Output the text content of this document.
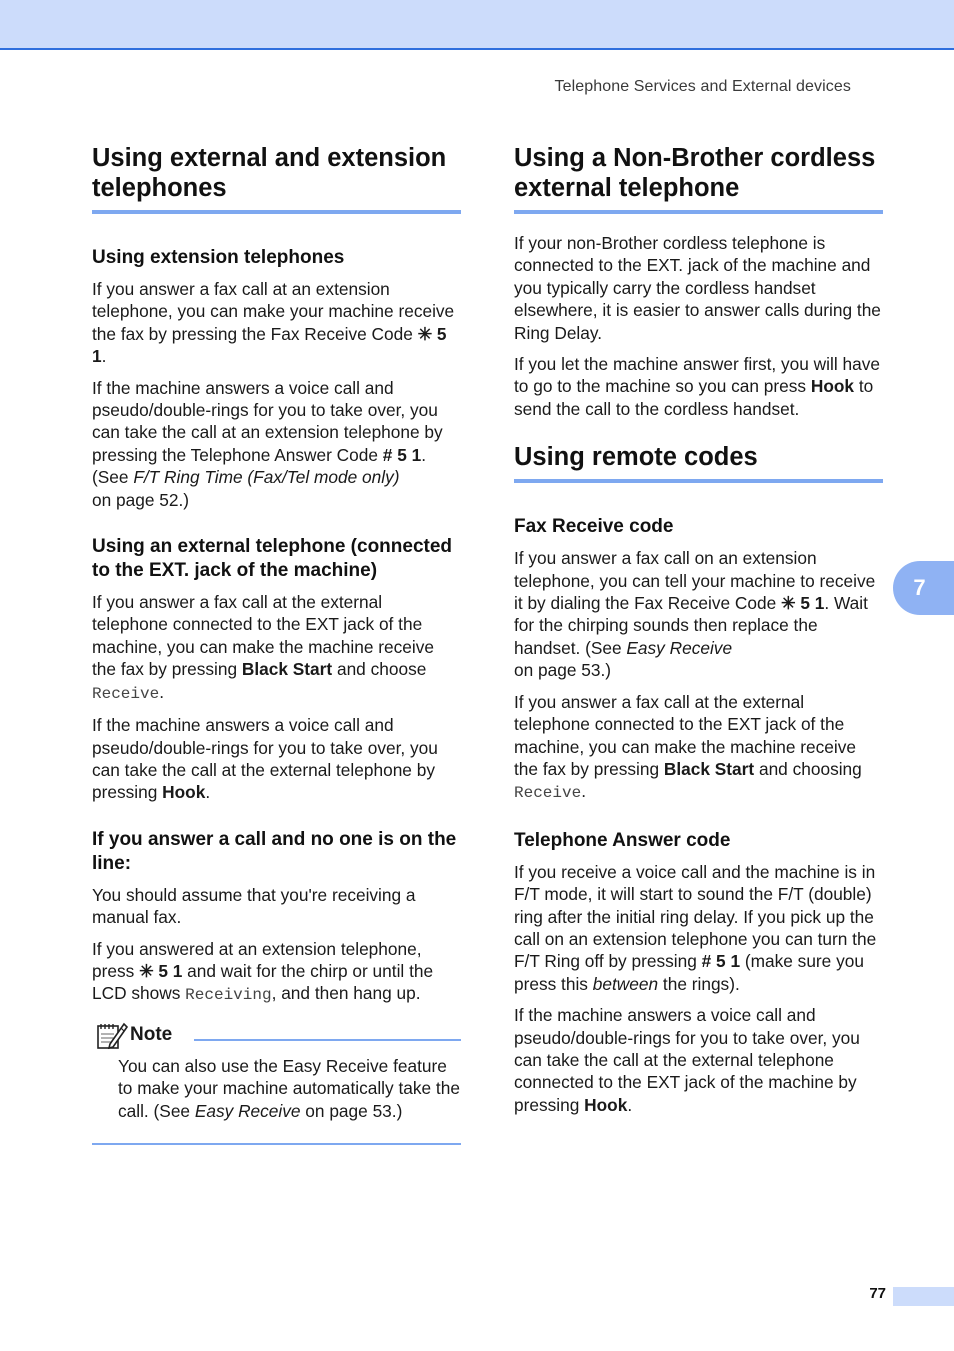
Telephone Services and External devices
Using external and extension telephones
Using extension telephones

If you answer a fax call at an extension telephone, you can make your machine receive the fax by pressing the Fax Receive Code ✳ 5 1.

If the machine answers a voice call and pseudo/double-rings for you to take over, you can take the call at an extension telephone by pressing the Telephone Answer Code # 5 1. (See F/T Ring Time (Fax/Tel mode only)
on page 52.)

Using an external telephone (connected to the EXT. jack of the machine)

If you answer a fax call at the external telephone connected to the EXT jack of the machine, you can make the machine receive the fax by pressing Black Start and choose
Receive.

If the machine answers a voice call and pseudo/double-rings for you to take over, you can take the call at the external telephone by pressing Hook.

If you answer a call and no one is on the line:

You should assume that you're receiving a manual fax.

If you answered at an extension telephone, press ✳ 5 1 and wait for the chirp or until the LCD shows Receiving, and then hang up.

Note

You can also use the Easy Receive feature to make your machine automatically take the call. (See Easy Receive on page 53.)

Using a Non-Brother cordless external telephone

If your non-Brother cordless telephone is connected to the EXT. jack of the machine and you typically carry the cordless handset elsewhere, it is easier to answer calls during the Ring Delay.

If you let the machine answer first, you will have to go to the machine so you can press Hook to send the call to the cordless handset.

Using remote codes
Fax Receive code

If you answer a fax call on an extension telephone, you can tell your machine to receive it by dialing the Fax Receive Code ✳ 5 1. Wait for the chirping sounds then replace the handset. (See Easy Receive
on page 53.)

If you answer a fax call at the external telephone connected to the EXT jack of the machine, you can make the machine receive the fax by pressing Black Start and choosing
Receive.

Telephone Answer code

If you receive a voice call and the machine is in F/T mode, it will start to sound the F/T (double) ring after the initial ring delay. If you pick up the call on an extension telephone you can turn the F/T Ring off by pressing # 5 1 (make sure you press this between the rings).

If the machine answers a voice call and pseudo/double-rings for you to take over, you can take the call at the external telephone connected to the EXT jack of the machine by pressing Hook.

7
77
